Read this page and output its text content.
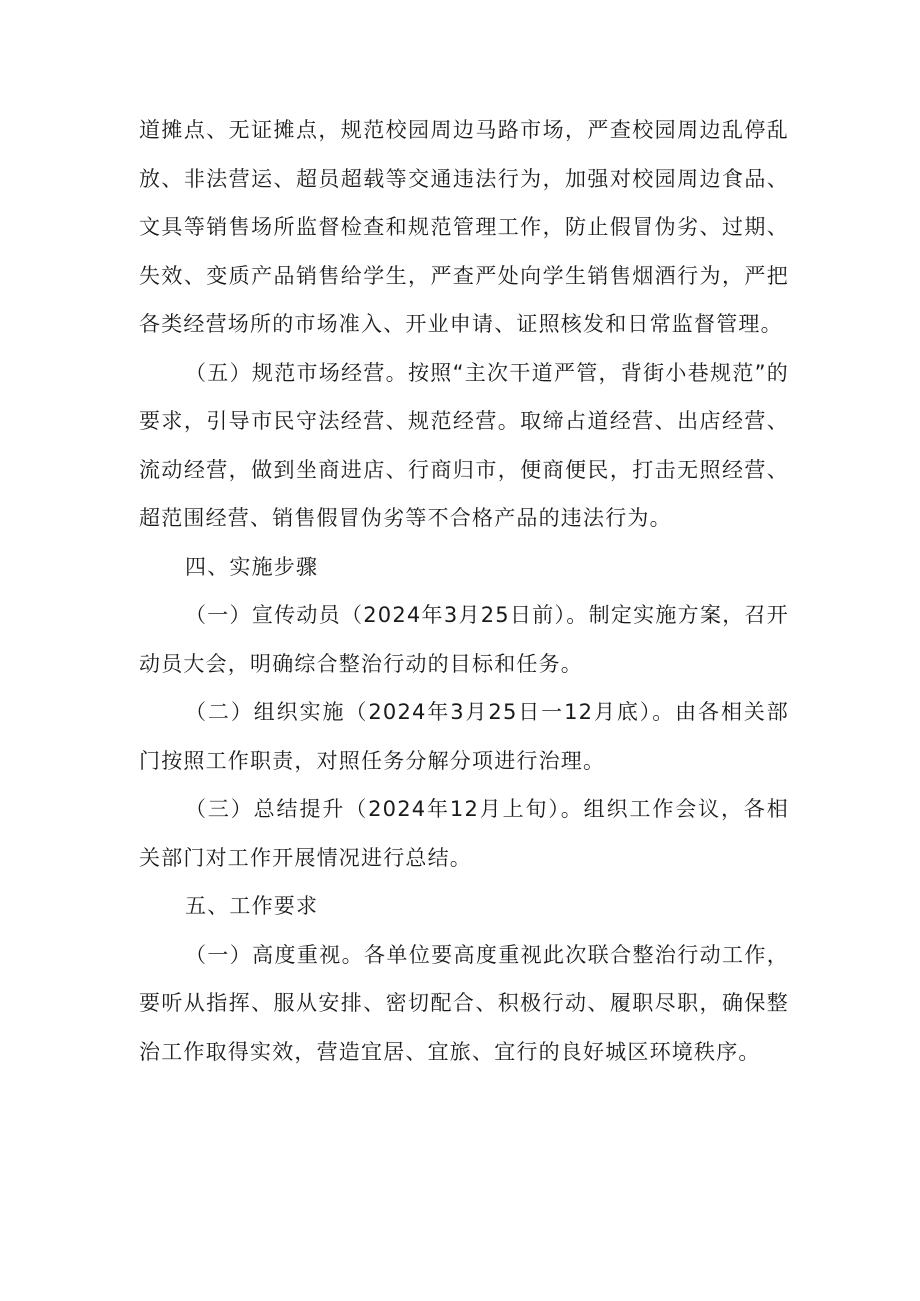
道摊点、无证摊点，规范校园周边马路市场，严查校园周边乱停乱放、非法营运、超员超载等交通违法行为，加强对校园周边食品、文具等销售场所监督检查和规范管理工作，防止假冒伪劣、过期、失效、变质产品销售给学生，严查严处向学生销售烟酒行为，严把各类经营场所的市场准入、开业申请、证照核发和日常监督管理。

（五）规范市场经营。按照“主次干道严管，背街小巷规范”的要求，引导市民守法经营、规范经营。取缔占道经营、出店经营、流动经营，做到坐商进店、行商归市，便商便民，打击无照经营、超范围经营、销售假冒伪劣等不合格产品的违法行为。

四、实施步骤

（一）宣传动员（2024年3月25日前）。制定实施方案，召开动员大会，明确综合整治行动的目标和任务。

（二）组织实施（2024年3月25日一12月底）。由各相关部门按照工作职责，对照任务分解分项进行治理。

（三）总结提升（2024年12月上旬）。组织工作会议，各相关部门对工作开展情况进行总结。

五、工作要求

（一）高度重视。各单位要高度重视此次联合整治行动工作，要听从指挥、服从安排、密切配合、积极行动、履职尽职，确保整治工作取得实效，营造宜居、宜旅、宜行的良好城区环境秩序。
